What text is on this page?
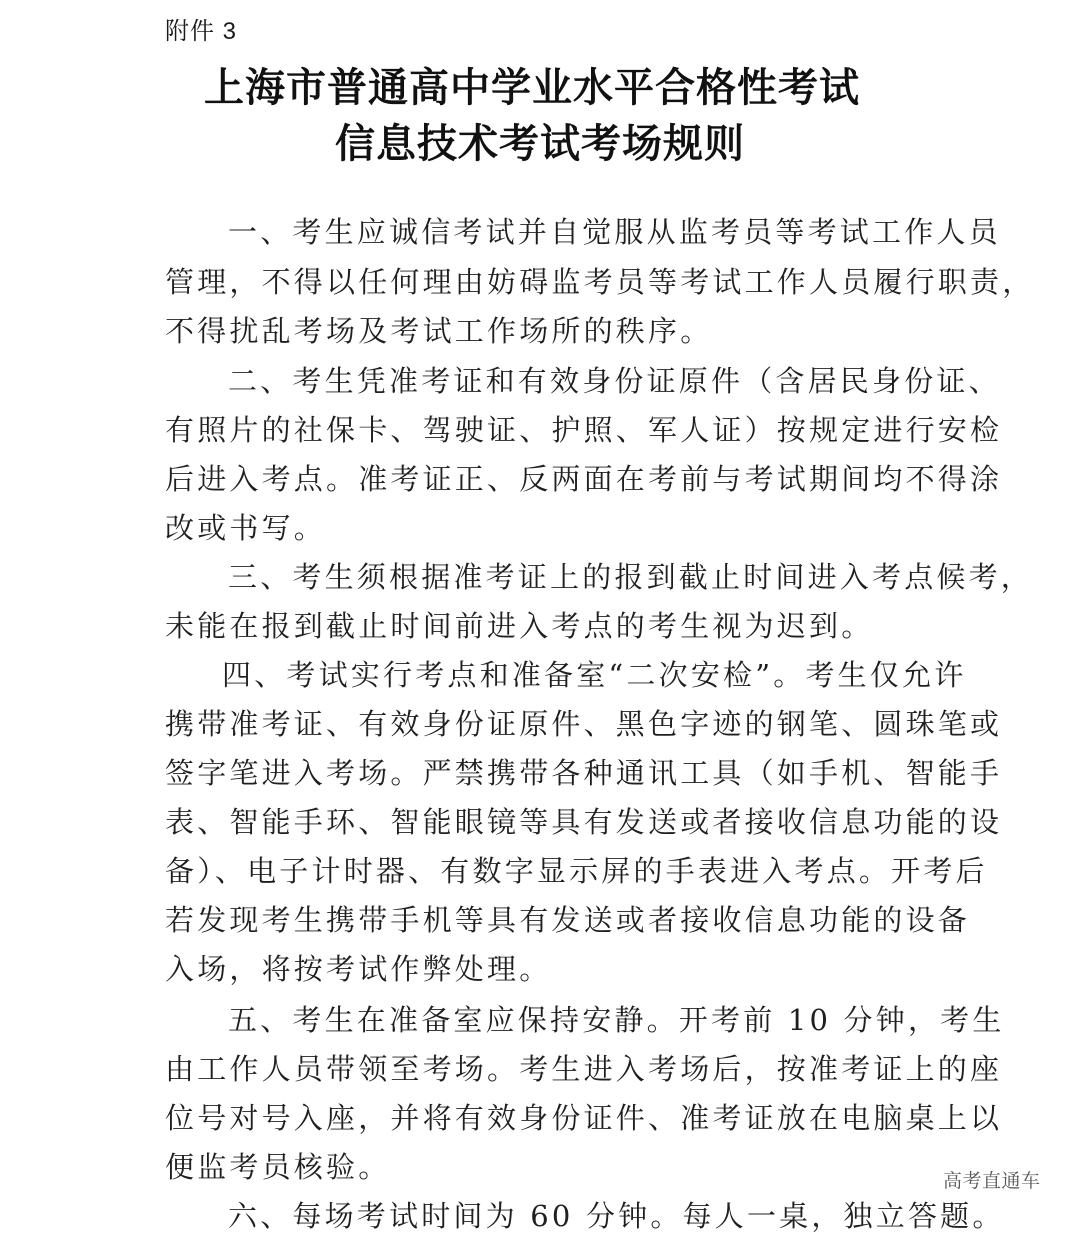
附件 3
上海市普通高中学业水平合格性考试
信息技术考试考场规则
一、考生应诚信考试并自觉服从监考员等考试工作人员
管理，不得以任何理由妨碍监考员等考试工作人员履行职责，
不得扰乱考场及考试工作场所的秩序。
二、考生凭准考证和有效身份证原件（含居民身份证、
有照片的社保卡、驾驶证、护照、军人证）按规定进行安检
后进入考点。准考证正、反两面在考前与考试期间均不得涂
改或书写。
三、考生须根据准考证上的报到截止时间进入考点候考，
未能在报到截止时间前进入考点的考生视为迟到。
四、考试实行考点和准备室“二次安检”。考生仅允许
携带准考证、有效身份证原件、黑色字迹的钢笔、圆珠笔或
签字笔进入考场。严禁携带各种通讯工具（如手机、智能手
表、智能手环、智能眼镜等具有发送或者接收信息功能的设
备）、电子计时器、有数字显示屏的手表进入考点。开考后
若发现考生携带手机等具有发送或者接收信息功能的设备
入场，将按考试作弊处理。
五、考生在准备室应保持安静。开考前 10 分钟，考生
由工作人员带领至考场。考生进入考场后，按准考证上的座
位号对号入座，并将有效身份证件、准考证放在电脑桌上以
便监考员核验。
六、每场考试时间为 60 分钟。每人一桌，独立答题。
高考直通车
